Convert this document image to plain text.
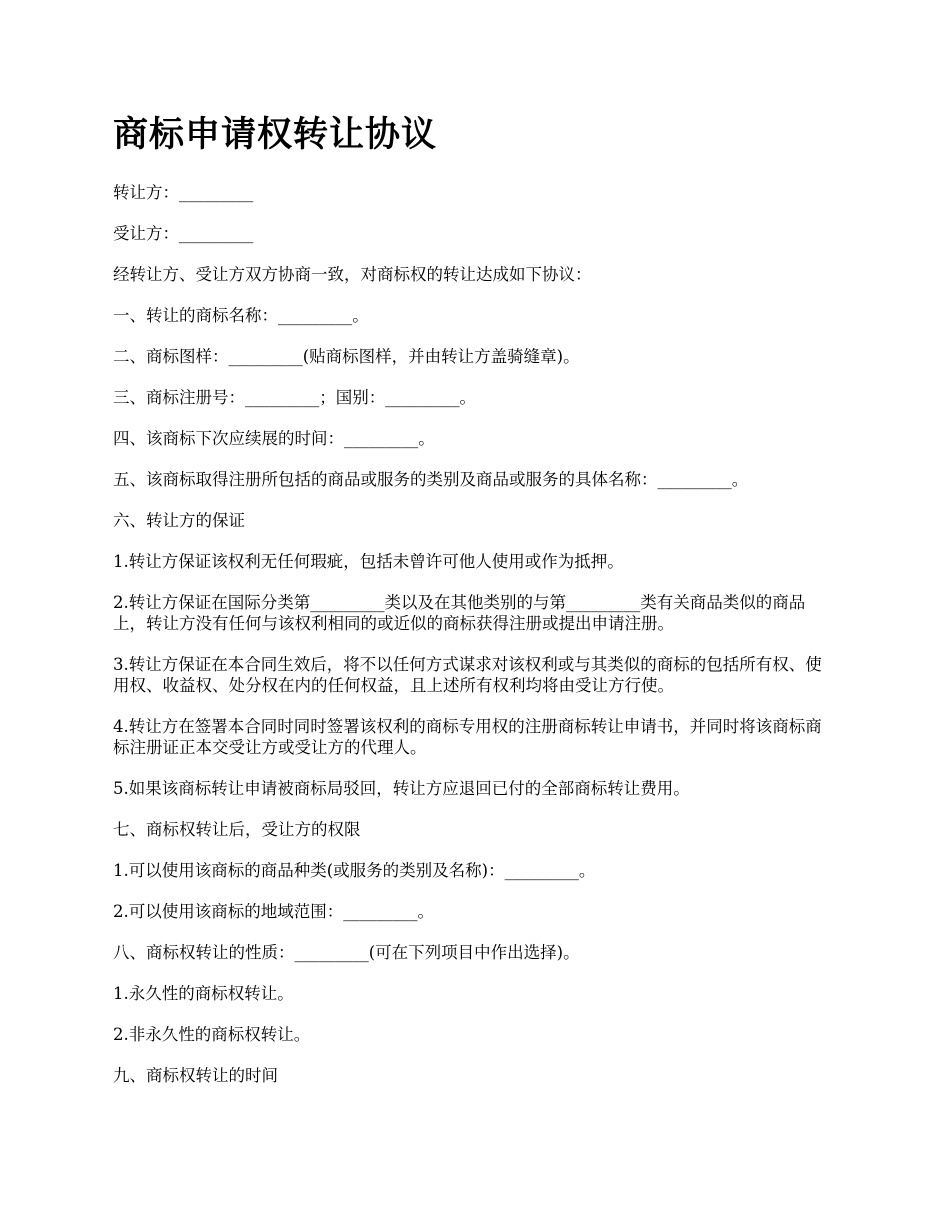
商标申请权转让协议

转让方：_________

受让方：_________

经转让方、受让方双方协商一致，对商标权的转让达成如下协议：

一、转让的商标名称：_________。

二、商标图样：_________(贴商标图样，并由转让方盖骑缝章)。

三、商标注册号：_________；国别：_________。

四、该商标下次应续展的时间：_________。

五、该商标取得注册所包括的商品或服务的类别及商品或服务的具体名称：_________。

六、转让方的保证

1.转让方保证该权利无任何瑕疵，包括未曾许可他人使用或作为抵押。

2.转让方保证在国际分类第_________类以及在其他类别的与第_________类有关商品类似的商品上，转让方没有任何与该权利相同的或近似的商标获得注册或提出申请注册。

3.转让方保证在本合同生效后，将不以任何方式谋求对该权利或与其类似的商标的包括所有权、使用权、收益权、处分权在内的任何权益，且上述所有权利均将由受让方行使。

4.转让方在签署本合同时同时签署该权利的商标专用权的注册商标转让申请书，并同时将该商标商标注册证正本交受让方或受让方的代理人。

5.如果该商标转让申请被商标局驳回，转让方应退回已付的全部商标转让费用。

七、商标权转让后，受让方的权限

1.可以使用该商标的商品种类(或服务的类别及名称)：_________。

2.可以使用该商标的地域范围：_________。

八、商标权转让的性质：_________(可在下列项目中作出选择)。

1.永久性的商标权转让。

2.非永久性的商标权转让。

九、商标权转让的时间
